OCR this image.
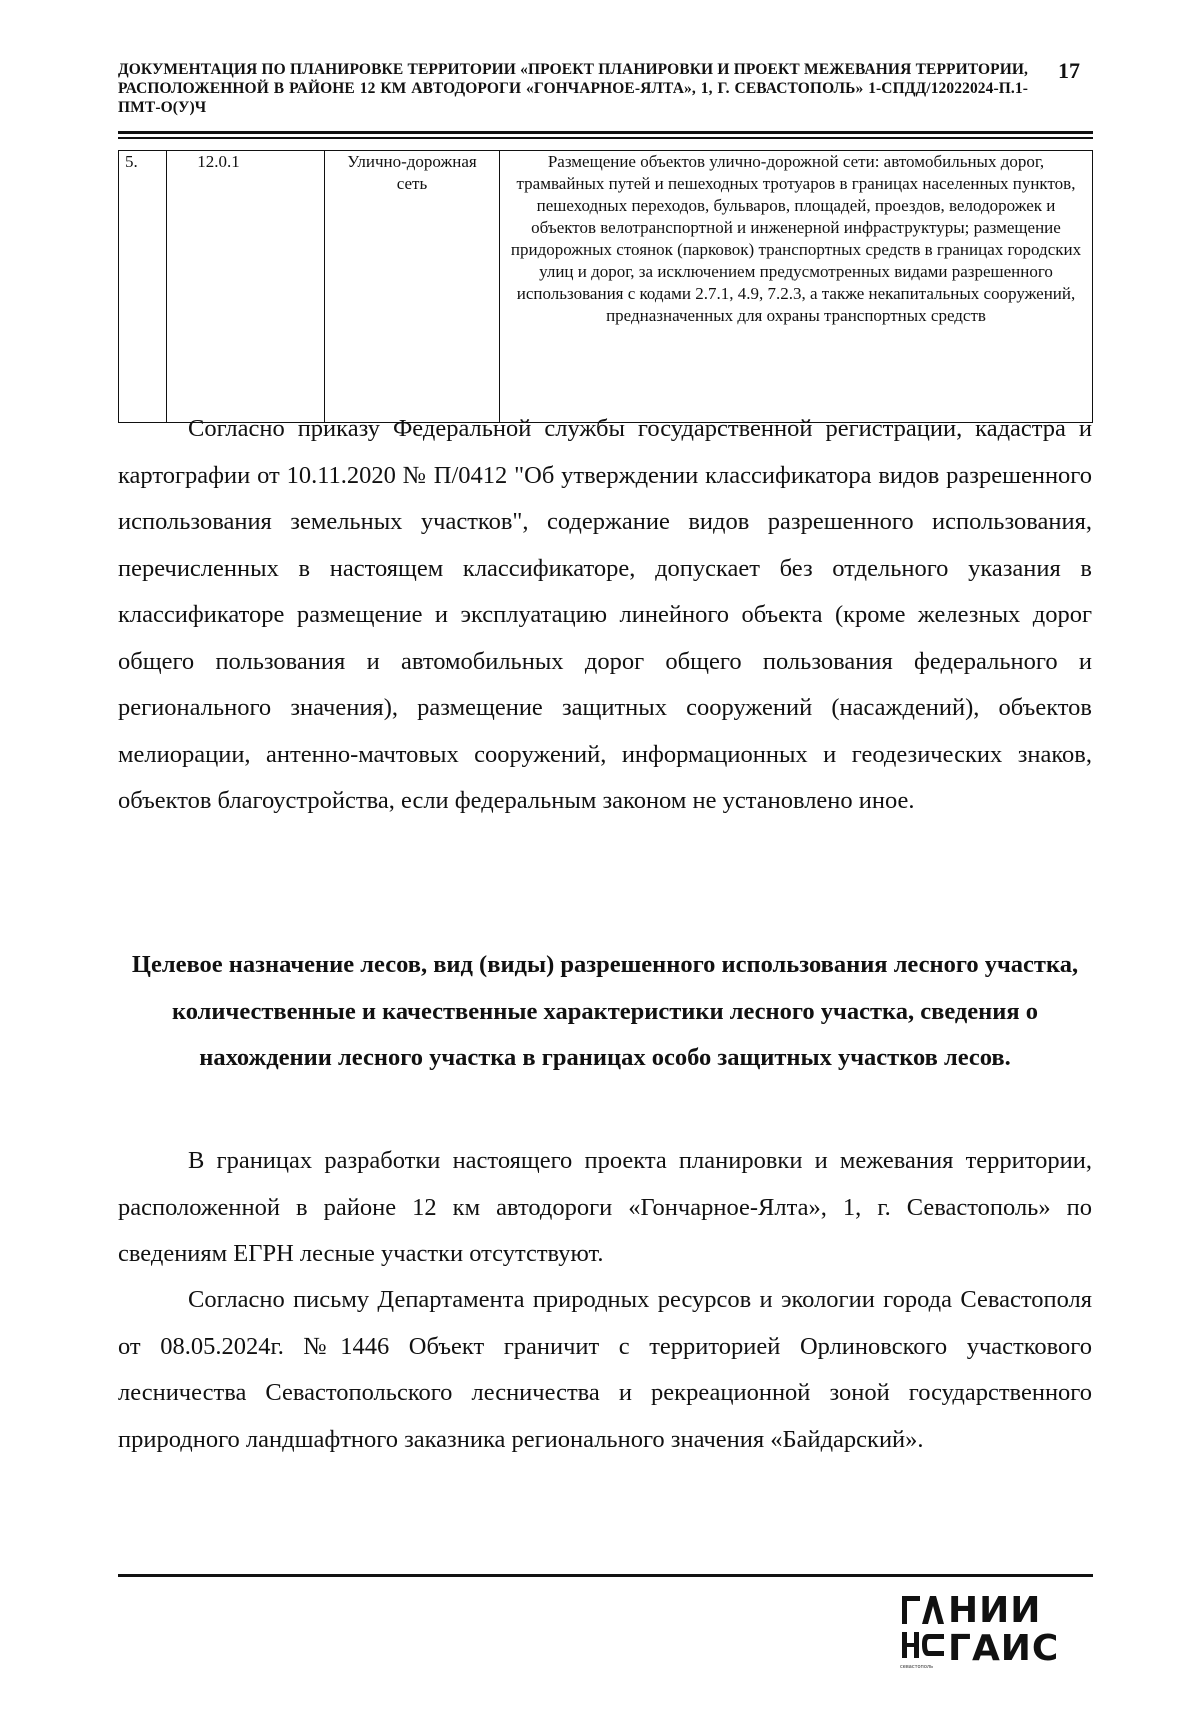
ДОКУМЕНТАЦИЯ ПО ПЛАНИРОВКЕ ТЕРРИТОРИИ «ПРОЕКТ ПЛАНИРОВКИ И ПРОЕКТ МЕЖЕВАНИЯ ТЕРРИТОРИИ, РАСПОЛОЖЕННОЙ В РАЙОНЕ 12 КМ АВТОДОРОГИ «ГОНЧАРНОЕ-ЯЛТА», 1, Г. СЕВАСТОПОЛЬ» 1-СПДД/12022024-П.1-ПМТ-О(У)Ч
17
5.	12.0.1	Улично-дорожная сеть	Размещение объектов улично-дорожной сети: автомобильных дорог, трамвайных путей и пешеходных тротуаров в границах населенных пунктов, пешеходных переходов, бульваров, площадей, проездов, велодорожек и объектов велотранспортной и инженерной инфраструктуры; размещение придорожных стоянок (парковок) транспортных средств в границах городских улиц и дорог, за исключением предусмотренных видами разрешенного использования с кодами 2.7.1, 4.9, 7.2.3, а также некапитальных сооружений, предназначенных для охраны транспортных средств

Согласно приказу Федеральной службы государственной регистрации, кадастра и картографии от 10.11.2020 № П/0412 "Об утверждении классификатора видов разрешенного использования земельных участков", содержание видов разрешенного использования, перечисленных в настоящем классификаторе, допускает без отдельного указания в классификаторе размещение и эксплуатацию линейного объекта (кроме железных дорог общего пользования и автомобильных дорог общего пользования федерального и регионального значения), размещение защитных сооружений (насаждений), объектов мелиорации, антенно-мачтовых сооружений, информационных и геодезических знаков, объектов благоустройства, если федеральным законом не установлено иное.

Целевое назначение лесов, вид (виды) разрешенного использования лесного участка, количественные и качественные характеристики лесного участка, сведения о нахождении лесного участка в границах особо защитных участков лесов.

В границах разработки настоящего проекта планировки и межевания территории, расположенной в районе 12 км автодороги «Гончарное-Ялта», 1, г. Севастополь» по сведениям ЕГРН лесные участки отсутствуют.

Согласно письму Департамента природных ресурсов и экологии города Севастополя от 08.05.2024г. №1446 Объект граничит с территорией Орлиновского участкового лесничества Севастопольского лесничества и рекреационной зоной государственного природного ландшафтного заказника регионального значения «Байдарский».

НИИ
ГАИС
севастополь
